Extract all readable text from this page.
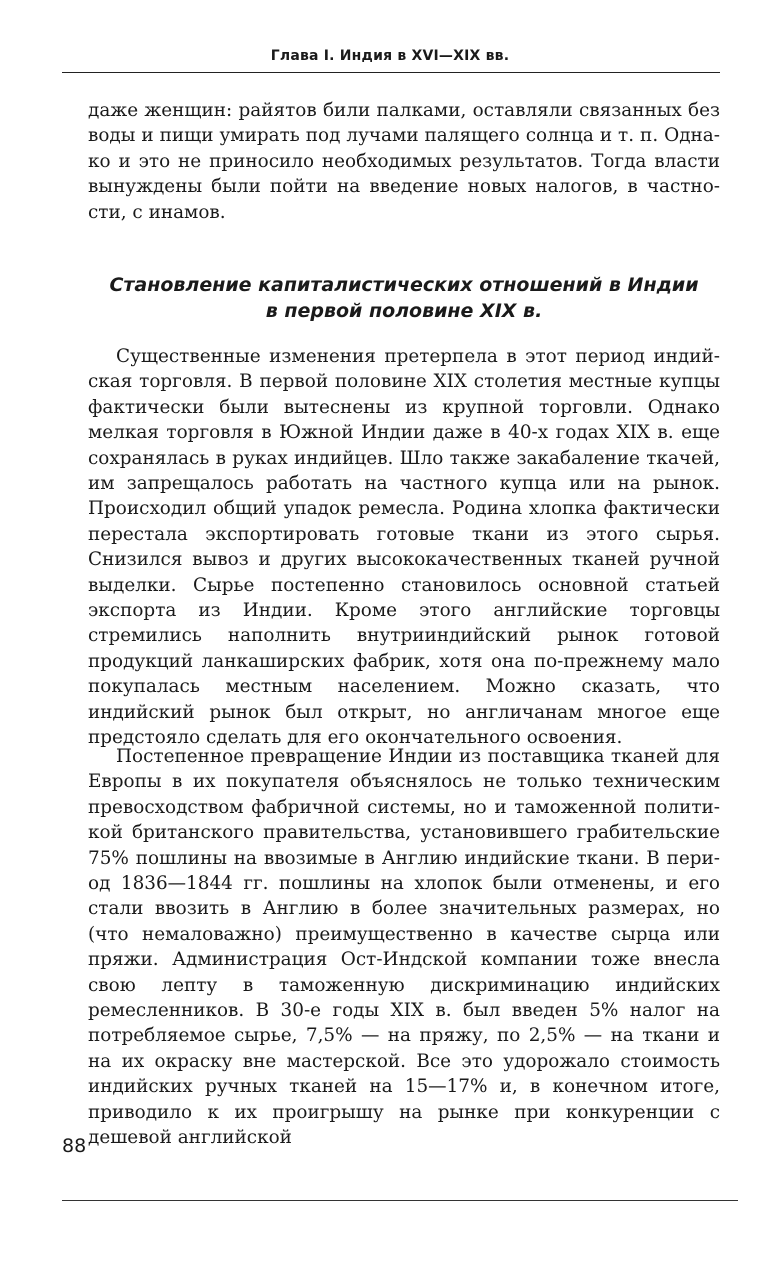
Глава I. Индия в XVI—XIX вв.

даже женщин: райятов били палками, оставляли связанных без воды и пищи умирать под лучами палящего солнца и т. п. Однако и это не приносило необходимых результатов. Тогда власти вынуждены были пойти на введение новых налогов, в частности, с инамов.

Становление капиталистических отношений в Индии
в первой половине XIX в.

Существенные изменения претерпела в этот период индийская торговля. В первой половине XIX столетия местные купцы фактически были вытеснены из крупной торговли. Однако мелкая торговля в Южной Индии даже в 40-х годах XIX в. еще сохранялась в руках индийцев. Шло также закабаление ткачей, им запрещалось работать на частного купца или на рынок. Происходил общий упадок ремесла. Родина хлопка фактически перестала экспортировать готовые ткани из этого сырья. Снизился вывоз и других высококачественных тканей ручной выделки. Сырье постепенно становилось основной статьей экспорта из Индии. Кроме этого английские торговцы стремились наполнить внутрииндийский рынок готовой продукций ланкаширских фабрик, хотя она по-прежнему мало покупалась местным населением. Можно сказать, что индийский рынок был открыт, но англичанам многое еще предстояло сделать для его окончательного освоения.

Постепенное превращение Индии из поставщика тканей для Европы в их покупателя объяснялось не только техническим превосходством фабричной системы, но и таможенной политикой британского правительства, установившего грабительские 75% пошлины на ввозимые в Англию индийские ткани. В период 1836—1844 гг. пошлины на хлопок были отменены, и его стали ввозить в Англию в более значительных размерах, но (что немаловажно) преимущественно в качестве сырца или пряжи. Администрация Ост-Индской компании тоже внесла свою лепту в таможенную дискриминацию индийских ремесленников. В 30-е годы XIX в. был введен 5% налог на потребляемое сырье, 7,5% — на пряжу, по 2,5% — на ткани и на их окраску вне мастерской. Все это удорожало стоимость индийских ручных тканей на 15—17% и, в конечном итоге, приводило к их проигрышу на рынке при конкуренции с дешевой английской

88
